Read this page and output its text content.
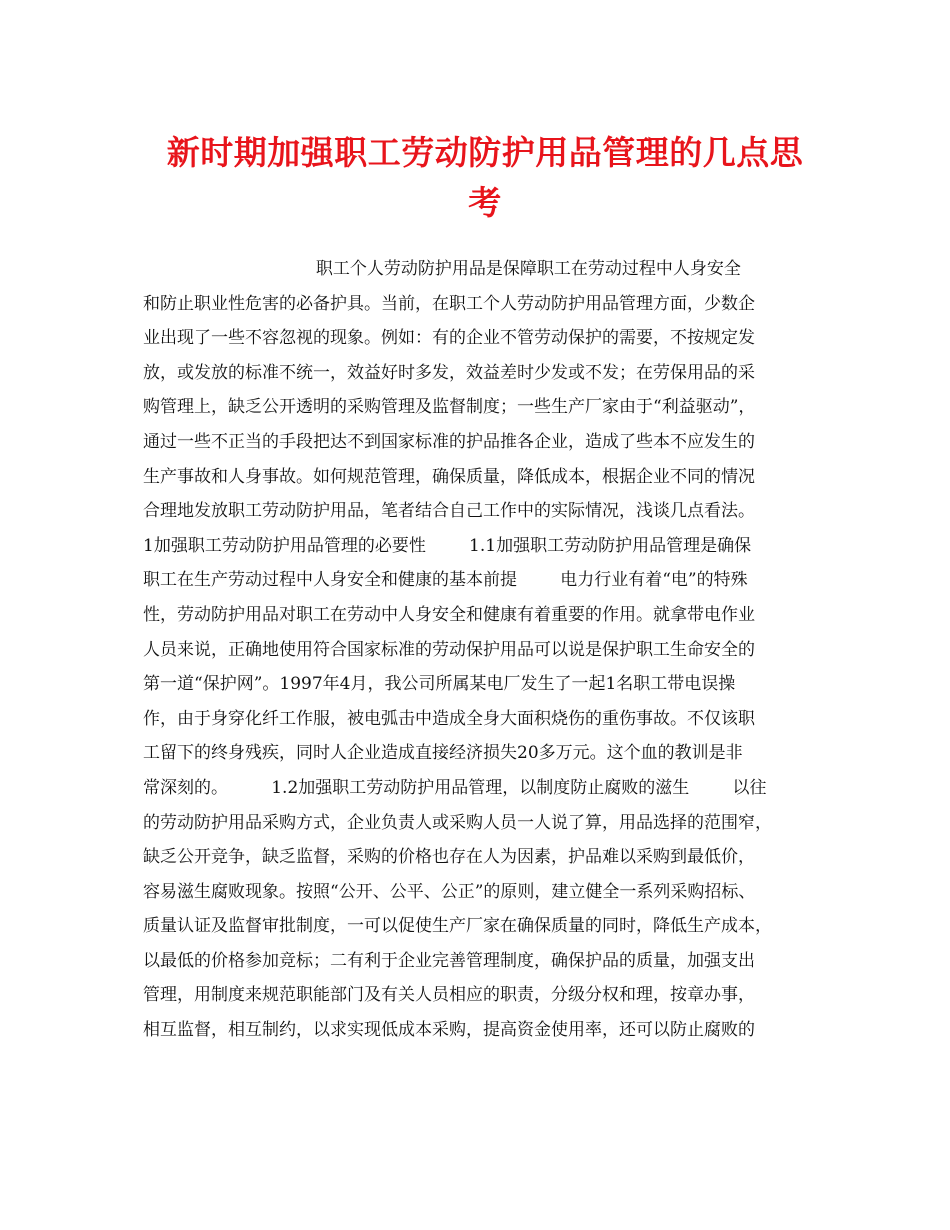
新时期加强职工劳动防护用品管理的几点思
考
职工个人劳动防护用品是保障职工在劳动过程中人身安全
和防止职业性危害的必备护具。当前，在职工个人劳动防护用品管理方面，少数企
业出现了一些不容忽视的现象。例如：有的企业不管劳动保护的需要，不按规定发
放，或发放的标准不统一，效益好时多发，效益差时少发或不发；在劳保用品的采
购管理上，缺乏公开透明的采购管理及监督制度；一些生产厂家由于“利益驱动”，
通过一些不正当的手段把达不到国家标准的护品推各企业，造成了些本不应发生的
生产事故和人身事故。如何规范管理，确保质量，降低成本，根据企业不同的情况
合理地发放职工劳动防护用品，笔者结合自己工作中的实际情况，浅谈几点看法。
1加强职工劳动防护用品管理的必要性        1.1加强职工劳动防护用品管理是确保
职工在生产劳动过程中人身安全和健康的基本前提        电力行业有着“电”的特殊
性，劳动防护用品对职工在劳动中人身安全和健康有着重要的作用。就拿带电作业
人员来说，正确地使用符合国家标准的劳动保护用品可以说是保护职工生命安全的
第一道“保护网”。1997年4月，我公司所属某电厂发生了一起1名职工带电误操
作，由于身穿化纤工作服，被电弧击中造成全身大面积烧伤的重伤事故。不仅该职
工留下的终身残疾，同时人企业造成直接经济损失20多万元。这个血的教训是非
常深刻的。        1.2加强职工劳动防护用品管理，以制度防止腐败的滋生        以往
的劳动防护用品采购方式，企业负责人或采购人员一人说了算，用品选择的范围窄，
缺乏公开竞争，缺乏监督，采购的价格也存在人为因素，护品难以采购到最低价，
容易滋生腐败现象。按照“公开、公平、公正”的原则，建立健全一系列采购招标、
质量认证及监督审批制度，一可以促使生产厂家在确保质量的同时，降低生产成本，
以最低的价格参加竞标；二有利于企业完善管理制度，确保护品的质量，加强支出
管理，用制度来规范职能部门及有关人员相应的职责，分级分权和理，按章办事，
相互监督，相互制约，以求实现低成本采购，提高资金使用率，还可以防止腐败的
